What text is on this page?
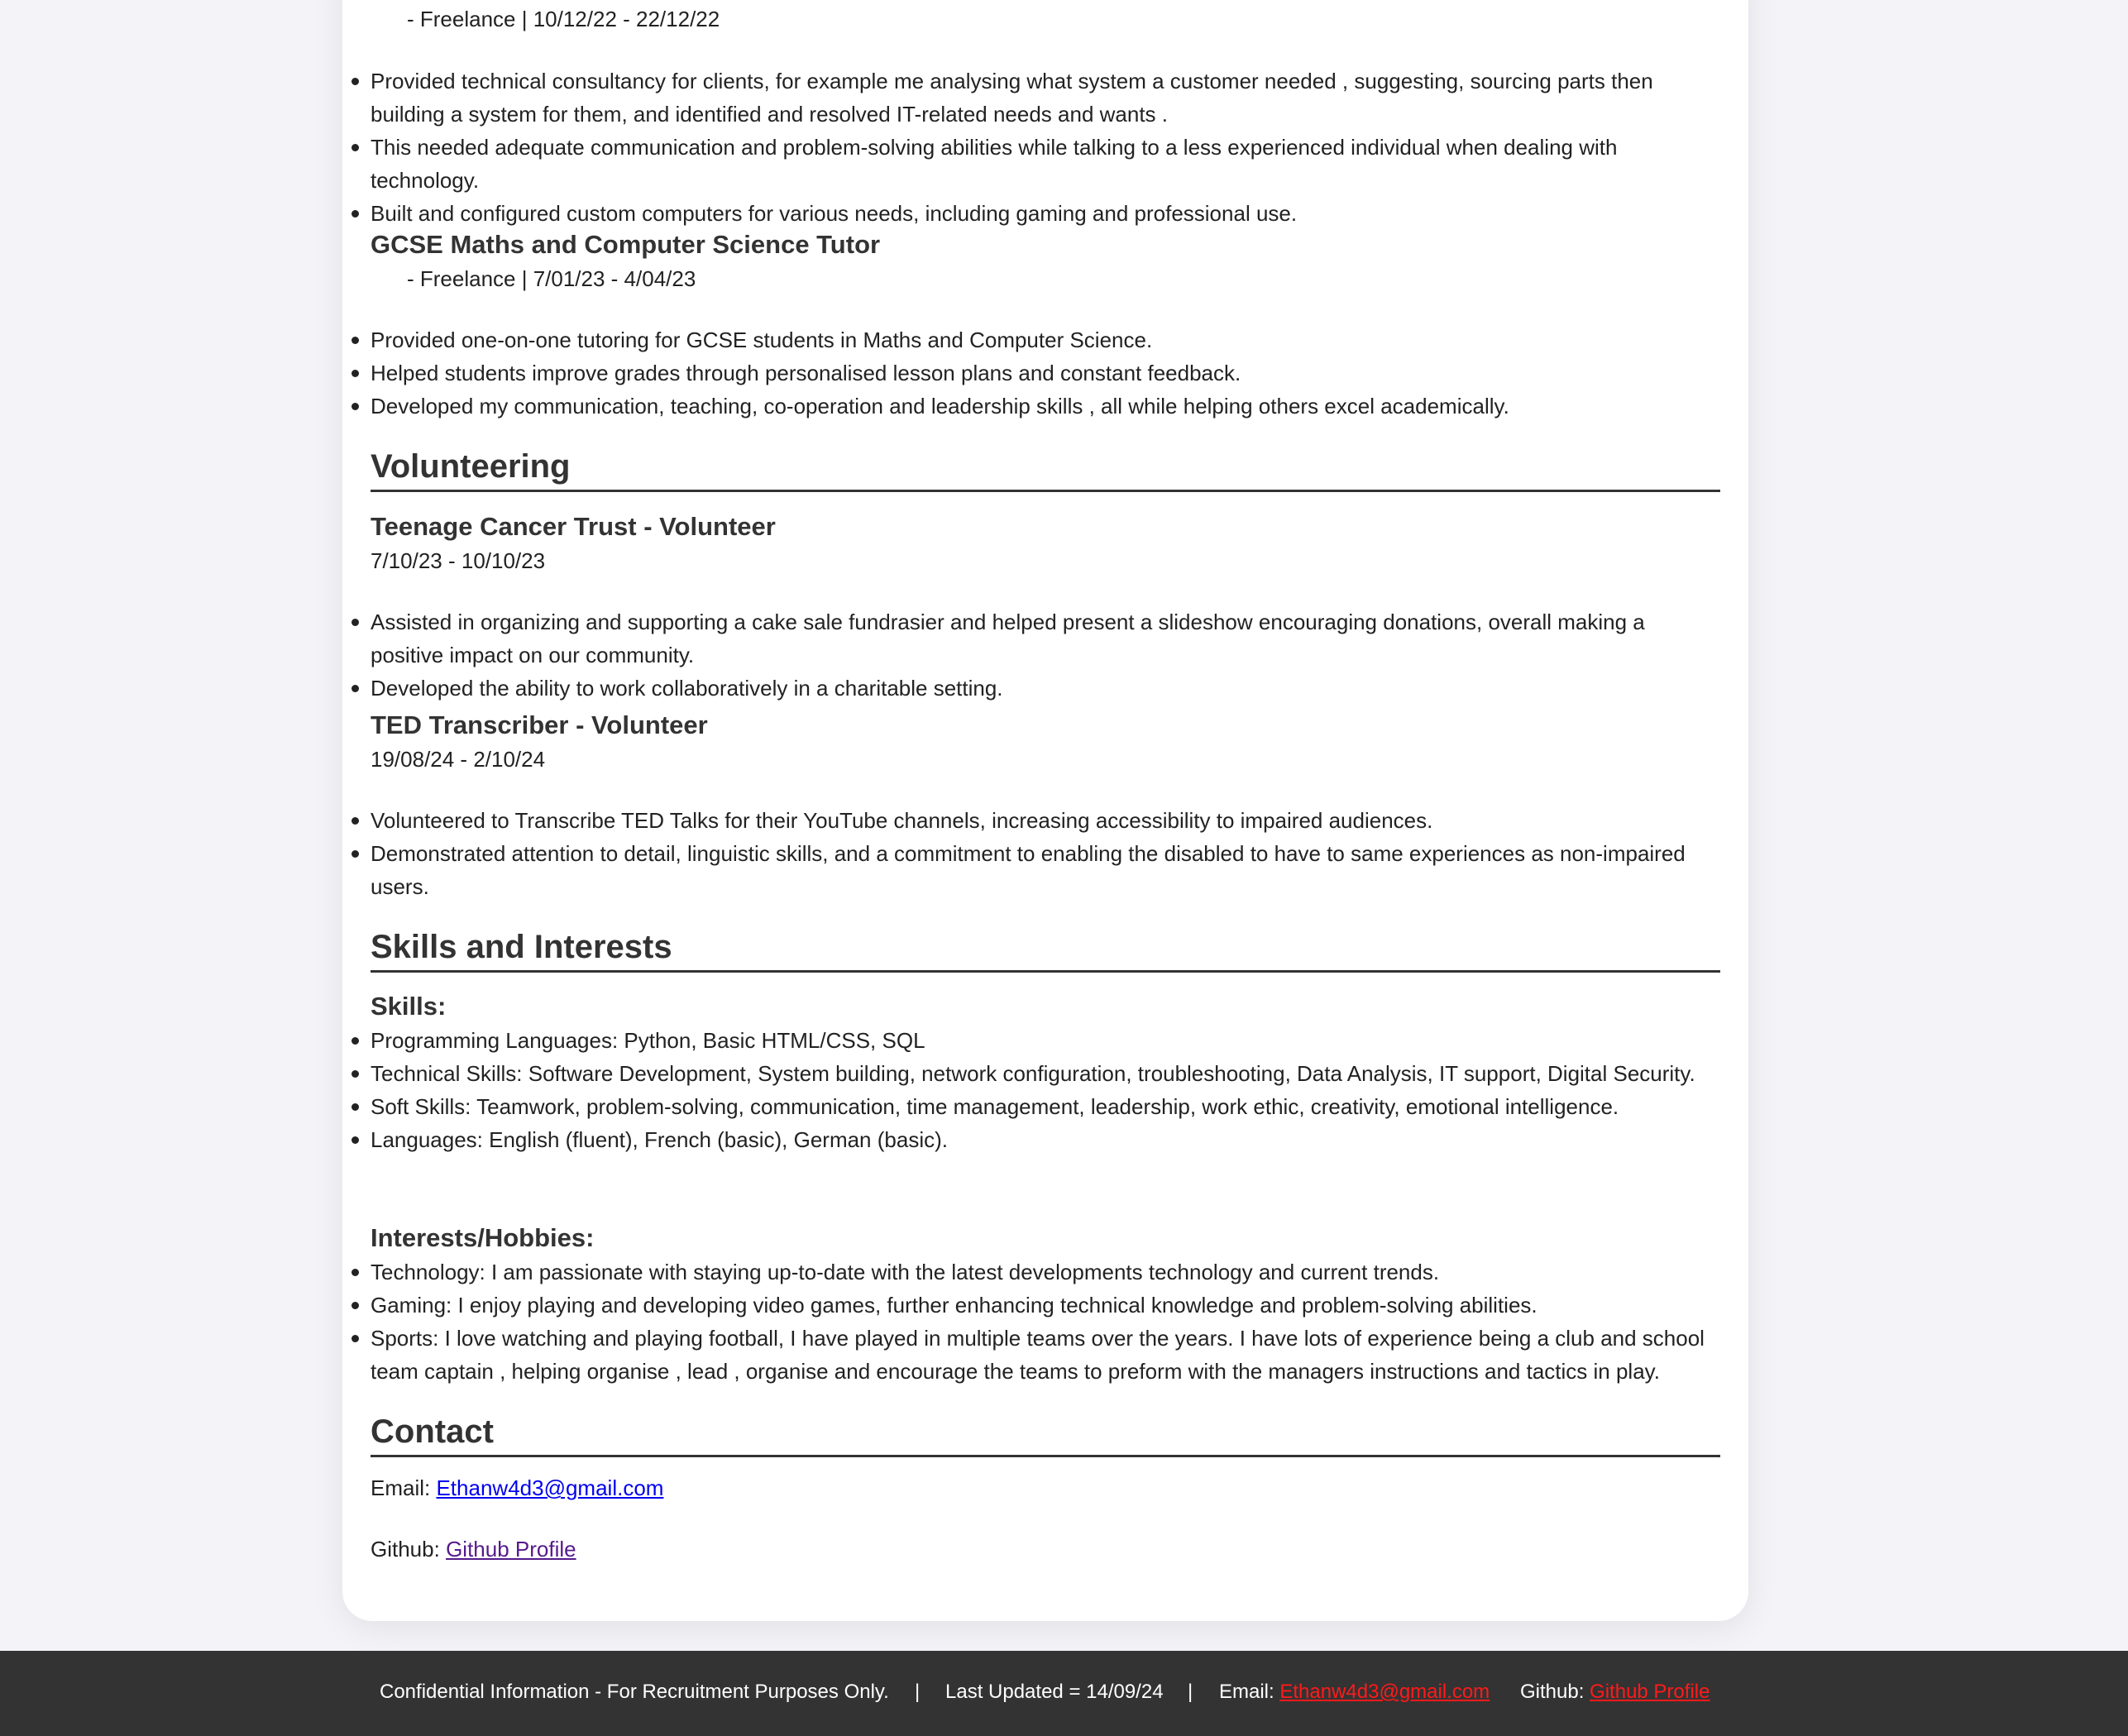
- Freelance | 10/12/22 - 22/12/22
Provided technical consultancy for clients, for example me analysing what system a customer needed , suggesting, sourcing parts then building a system for them, and identified and resolved IT-related needs and wants .
This needed adequate communication and problem-solving abilities while talking to a less experienced individual when dealing with technology.
Built and configured custom computers for various needs, including gaming and professional use.
GCSE Maths and Computer Science Tutor
- Freelance | 7/01/23 - 4/04/23
Provided one-on-one tutoring for GCSE students in Maths and Computer Science.
Helped students improve grades through personalised lesson plans and constant feedback.
Developed my communication, teaching, co-operation and leadership skills , all while helping others excel academically.
Volunteering
Teenage Cancer Trust - Volunteer
7/10/23 - 10/10/23
Assisted in organizing and supporting a cake sale fundrasier and helped present a slideshow encouraging donations, overall making a positive impact on our community.
Developed the ability to work collaboratively in a charitable setting.
TED Transcriber - Volunteer
19/08/24 - 2/10/24
Volunteered to Transcribe TED Talks for their YouTube channels, increasing accessibility to impaired audiences.
Demonstrated attention to detail, linguistic skills, and a commitment to enabling the disabled to have to same experiences as non-impaired users.
Skills and Interests
Skills:
Programming Languages: Python, Basic HTML/CSS, SQL
Technical Skills: Software Development, System building, network configuration, troubleshooting, Data Analysis, IT support, Digital Security.
Soft Skills: Teamwork, problem-solving, communication, time management, leadership, work ethic, creativity, emotional intelligence.
Languages: English (fluent), French (basic), German (basic).
Interests/Hobbies:
Technology: I am passionate with staying up-to-date with the latest developments technology and current trends.
Gaming: I enjoy playing and developing video games, further enhancing technical knowledge and problem-solving abilities.
Sports: I love watching and playing football, I have played in multiple teams over the years. I have lots of experience being a club and school team captain , helping organise , lead , organise and encourage the teams to preform with the managers instructions and tactics in play.
Contact
Email: Ethanw4d3@gmail.com
Github: Github Profile
Confidential Information - For Recruitment Purposes Only. | Last Updated = 14/09/24 | Email: Ethanw4d3@gmail.com Github: Github Profile
